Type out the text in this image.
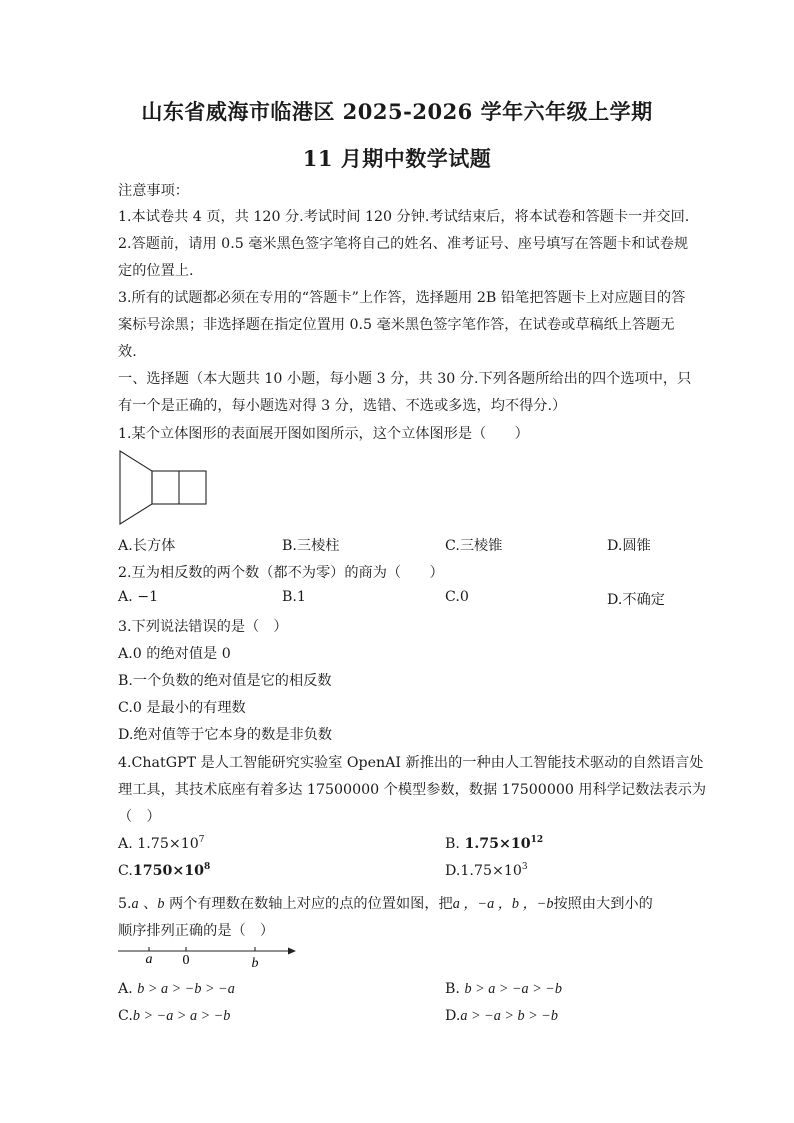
山东省威海市临港区 2025-2026 学年六年级上学期
11 月期中数学试题
注意事项：
1.本试卷共 4 页，共 120 分.考试时间 120 分钟.考试结束后，将本试卷和答题卡一并交回.
2.答题前，请用 0.5 毫米黑色签字笔将自己的姓名、准考证号、座号填写在答题卡和试卷规
定的位置上.
3.所有的试题都必须在专用的“答题卡”上作答，选择题用 2B 铅笔把答题卡上对应题目的答
案标号涂黑；非选择题在指定位置用 0.5 毫米黑色签字笔作答，在试卷或草稿纸上答题无
效.
一、选择题（本大题共 10 小题，每小题 3 分，共 30 分.下列各题所给出的四个选项中，只
有一个是正确的，每小题选对得 3 分，选错、不选或多选，均不得分.）
1.某个立体图形的表面展开图如图所示，这个立体图形是（　　）
A.长方体	B.三棱柱	C.三棱锥	D.圆锥
2.互为相反数的两个数（都不为零）的商为（　　）
A. −1	B.1	C.0	D.不确定
3.下列说法错误的是（　）
A.0 的绝对值是 0
B.一个负数的绝对值是它的相反数
C.0 是最小的有理数
D.绝对值等于它本身的数是非负数
4.ChatGPT 是人工智能研究实验室 OpenAI 新推出的一种由人工智能技术驱动的自然语言处
理工具，其技术底座有着多达 17500000 个模型参数，数据 17500000 用科学记数法表示为
（　）
A. $1.75\times 10^7$	B. $1.75\times 10^{12}$
$C.1750\times 10^8$	$D.1.75\times 10^3$
5.a 、b 两个有理数在数轴上对应的点的位置如图，把a ，−a ，b ，−b按照由大到小的
顺序排列正确的是（　）
a 0	b
A. b > a > −b > −a	B. b > a > −a > −b
C.b > −a > a > −b	D.a > −a > b > −b
